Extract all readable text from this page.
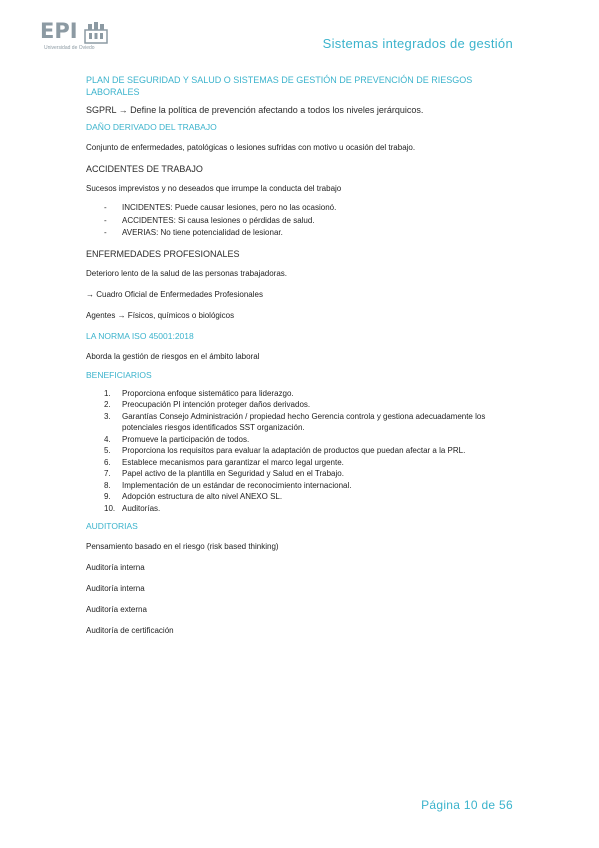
EPI
Universidad de Oviedo	Sistemas integrados de gestión
PLAN DE SEGURIDAD Y SALUD O SISTEMAS DE GESTIÓN DE PREVENCIÓN DE RIESGOS LABORALES

SGPRL → Define la política de prevención afectando a todos los niveles jerárquicos.

DAÑO DERIVADO DEL TRABAJO

Conjunto de enfermedades, patológicas o lesiones sufridas con motivo u ocasión del trabajo.

ACCIDENTES DE TRABAJO

Sucesos imprevistos y no deseados que irrumpe la conducta del trabajo

- INCIDENTES: Puede causar lesiones, pero no las ocasionó.
- ACCIDENTES: Si causa lesiones o pérdidas de salud.
- AVERIAS: No tiene potencialidad de lesionar.
ENFERMEDADES PROFESIONALES

Deterioro lento de la salud de las personas trabajadoras.

→ Cuadro Oficial de Enfermedades Profesionales

Agentes → Físicos, químicos o biológicos

LA NORMA ISO 45001:2018

Aborda la gestión de riesgos en el ámbito laboral

BENEFICIARIOS
1.	Proporciona enfoque sistemático para liderazgo.
2.	Preocupación PI intención proteger daños derivados.
3.	Garantías Consejo Administración / propiedad hecho Gerencia controla y gestiona adecuadamente los potenciales riesgos identificados SST organización.
4.	Promueve la participación de todos.
5.	Proporciona los requisitos para evaluar la adaptación de productos que puedan afectar a la PRL.
6.	Establece mecanismos para garantizar el marco legal urgente.
7.	Papel activo de la plantilla en Seguridad y Salud en el Trabajo.
8.	Implementación de un estándar de reconocimiento internacional.
9.	Adopción estructura de alto nivel ANEXO SL.
10. Auditorías.
AUDITORIAS

Pensamiento basado en el riesgo (risk based thinking)

Auditoría interna

Auditoría interna

Auditoría externa

Auditoría de certificación

Página 10 de 56
